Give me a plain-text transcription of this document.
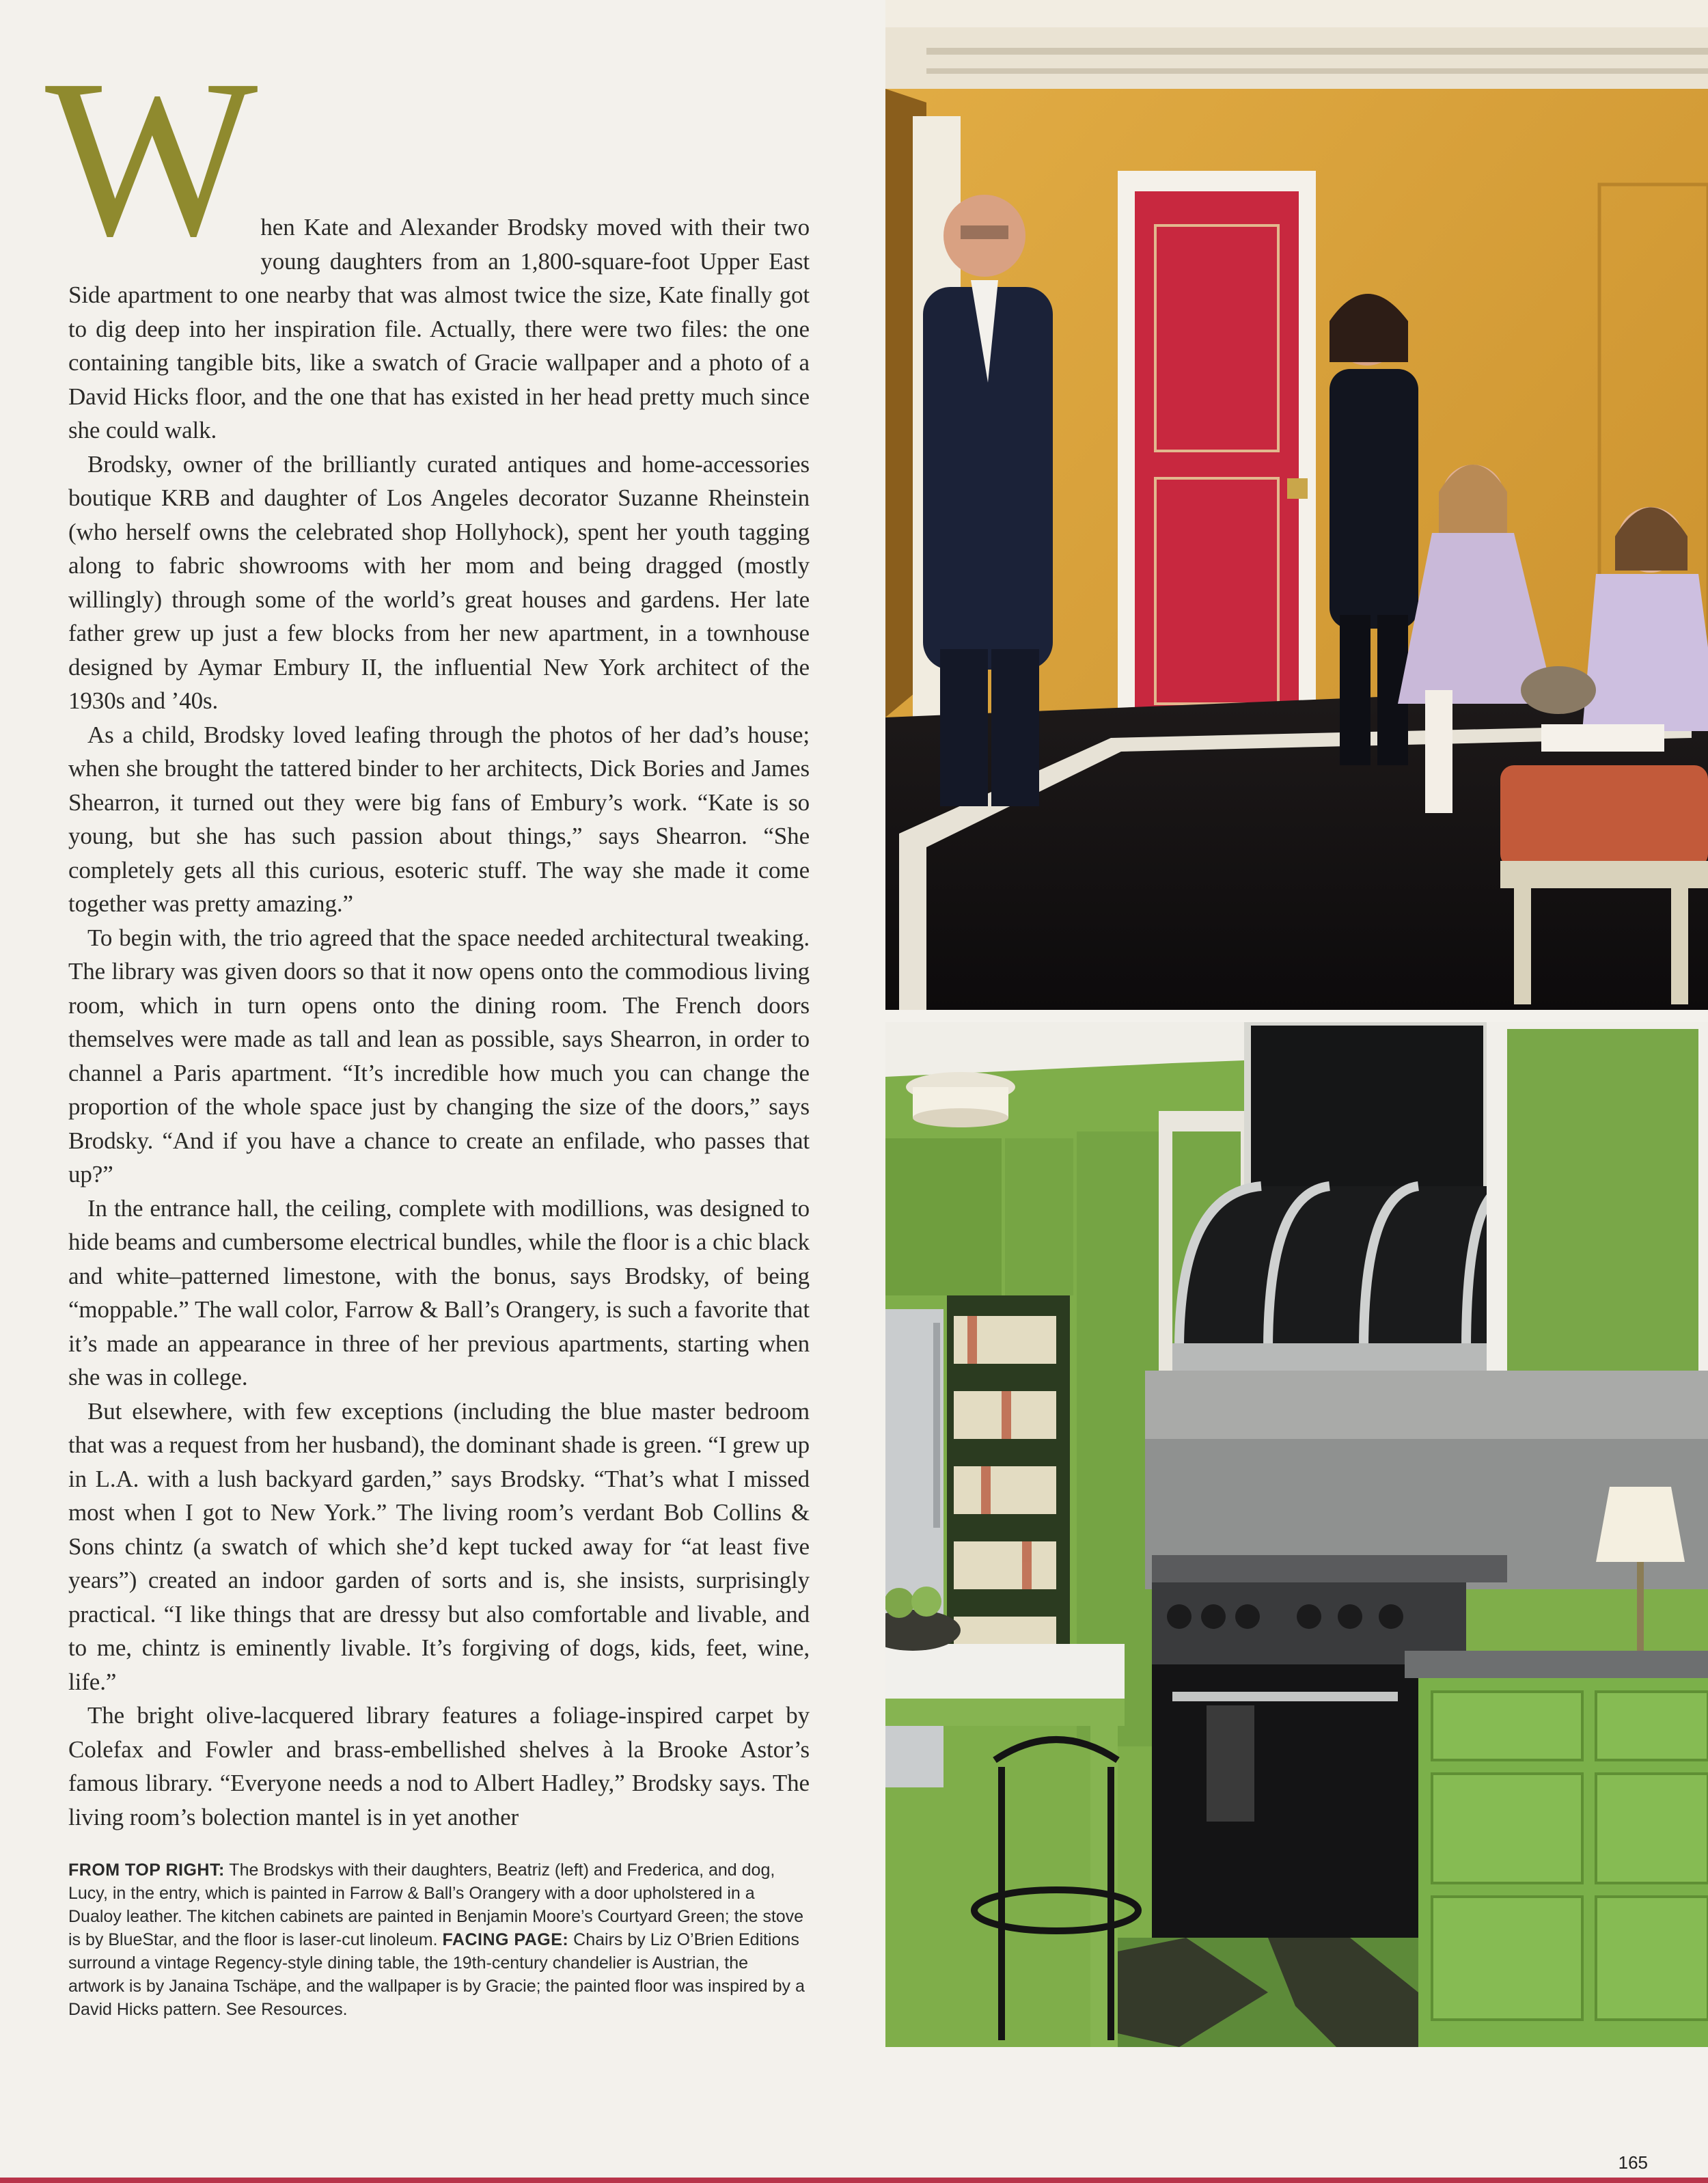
W hen Kate and Alexander Brodsky moved with their two young daughters from an 1,800-square-foot Upper East Side apartment to one nearby that was almost twice the size, Kate finally got to dig deep into her inspiration file. Actually, there were two files: the one containing tangible bits, like a swatch of Gracie wallpaper and a photo of a David Hicks floor, and the one that has existed in her head pretty much since she could walk.

Brodsky, owner of the brilliantly curated antiques and home-accessories boutique KRB and daughter of Los Angeles decorator Suzanne Rheinstein (who herself owns the celebrated shop Hollyhock), spent her youth tagging along to fabric showrooms with her mom and being dragged (mostly willingly) through some of the world’s great houses and gardens. Her late father grew up just a few blocks from her new apartment, in a townhouse designed by Aymar Embury II, the influential New York architect of the 1930s and ’40s.

As a child, Brodsky loved leafing through the photos of her dad’s house; when she brought the tattered binder to her architects, Dick Bories and James Shearron, it turned out they were big fans of Embury’s work. “Kate is so young, but she has such passion about things,” says Shearron. “She completely gets all this curious, esoteric stuff. The way she made it come together was pretty amazing.”

To begin with, the trio agreed that the space needed architectural tweaking. The library was given doors so that it now opens onto the commodious living room, which in turn opens onto the dining room. The French doors themselves were made as tall and lean as possible, says Shearron, in order to channel a Paris apartment. “It’s incredible how much you can change the proportion of the whole space just by changing the size of the doors,” says Brodsky. “And if you have a chance to create an enfilade, who passes that up?”

In the entrance hall, the ceiling, complete with modillions, was designed to hide beams and cumbersome electrical bundles, while the floor is a chic black and white–patterned limestone, with the bonus, says Brodsky, of being “moppable.” The wall color, Farrow & Ball’s Orangery, is such a favorite that it’s made an appearance in three of her previous apartments, starting when she was in college.

But elsewhere, with few exceptions (including the blue master bedroom that was a request from her husband), the dominant shade is green. “I grew up in L.A. with a lush backyard garden,” says Brodsky. “That’s what I missed most when I got to New York.” The living room’s verdant Bob Collins & Sons chintz (a swatch of which she’d kept tucked away for “at least five years”) created an indoor garden of sorts and is, she insists, surprisingly practical. “I like things that are dressy but also comfortable and livable, and to me, chintz is eminently livable. It’s forgiving of dogs, kids, feet, wine, life.”

The bright olive-lacquered library features a foliage-inspired carpet by Colefax and Fowler and brass-embellished shelves à la Brooke Astor’s famous library. “Everyone needs a nod to Albert Hadley,” Brodsky says. The living room’s bolection mantel is in yet another

FROM TOP RIGHT: The Brodskys with their daughters, Beatriz (left) and Frederica, and dog, Lucy, in the entry, which is painted in Farrow & Ball’s Orangery with a door upholstered in a Dualoy leather. The kitchen cabinets are painted in Benjamin Moore’s Courtyard Green; the stove is by BlueStar, and the floor is laser-cut linoleum. FACING PAGE: Chairs by Liz O’Brien Editions surround a vintage Regency-style dining table, the 19th-century chandelier is Austrian, the artwork is by Janaina Tschäpe, and the wallpaper is by Gracie; the painted floor was inspired by a David Hicks pattern. See Resources.
165
